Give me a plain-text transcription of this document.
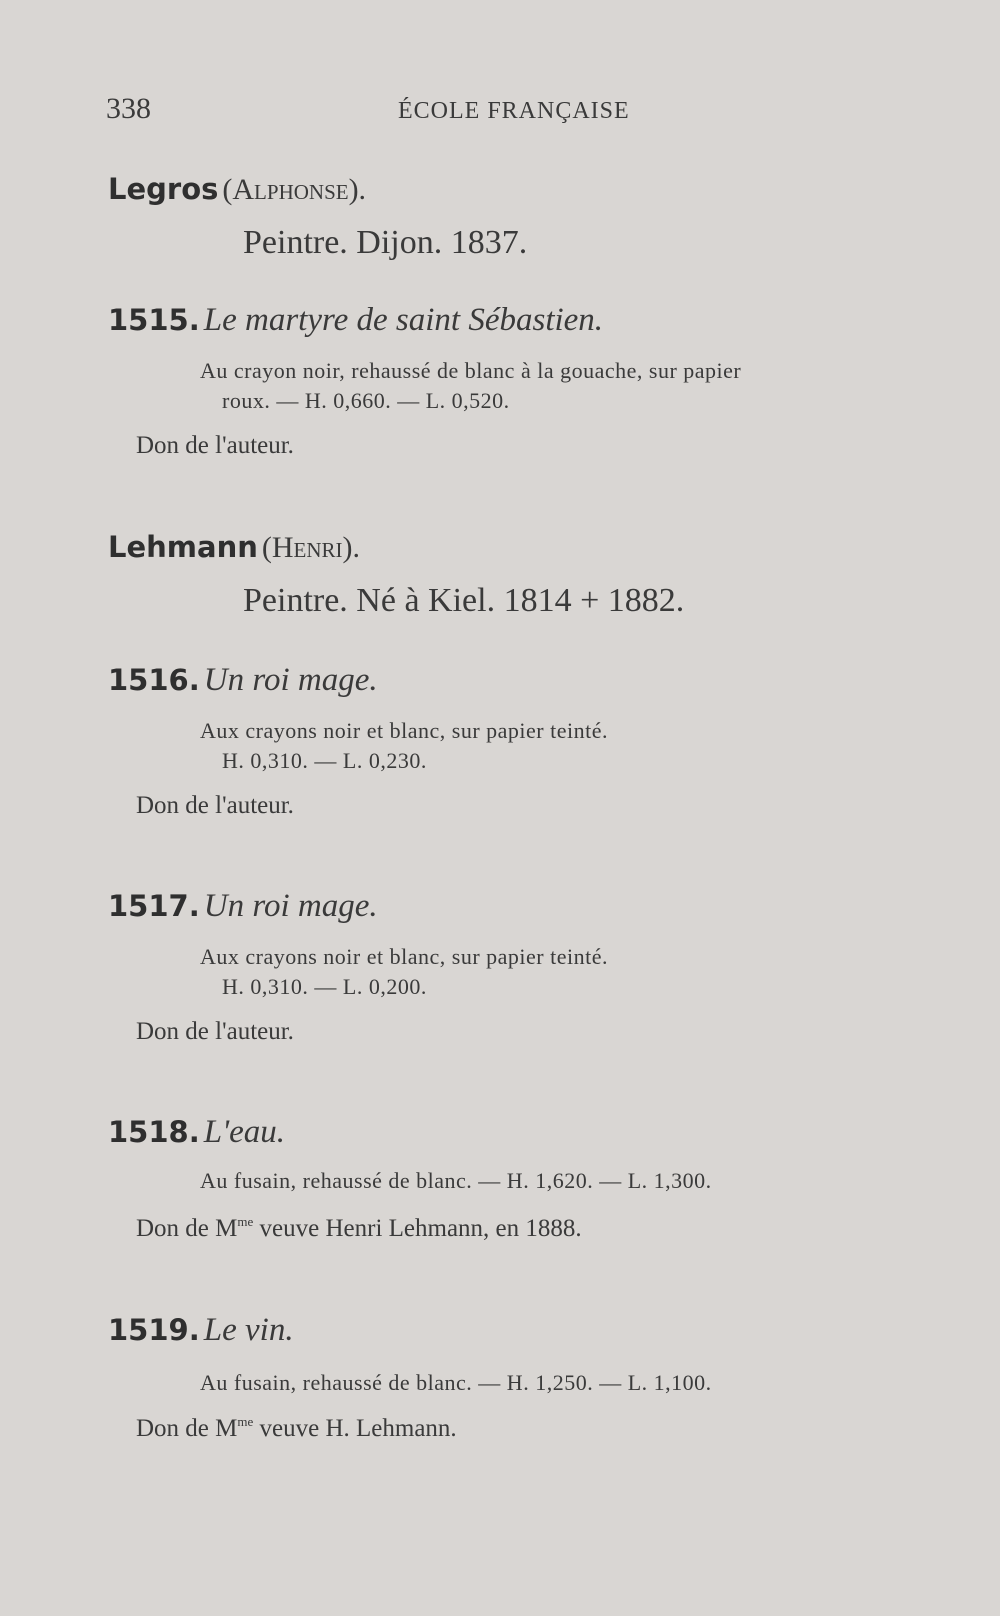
338	ÉCOLE FRANÇAISE
Legros (Alphonse).
Peintre. Dijon. 1837.
1515. Le martyre de saint Sébastien.
Au crayon noir, rehaussé de blanc à la gouache, sur papier
roux. — H. 0,660. — L. 0,520.
Don de l'auteur.
Lehmann (Henri).
Peintre. Né à Kiel. 1814 + 1882.
1516. Un roi mage.
Aux crayons noir et blanc, sur papier teinté.
H. 0,310. — L. 0,230.
Don de l'auteur.
1517. Un roi mage.
Aux crayons noir et blanc, sur papier teinté.
H. 0,310. — L. 0,200.
Don de l'auteur.
1518. L'eau.
Au fusain, rehaussé de blanc. — H. 1,620. — L. 1,300.
Don de $M^{me}$ veuve Henri Lehmann, en 1888.
1519. Le vin.
Au fusain, rehaussé de blanc. — H. 1,250. — L. 1,100.
Don de $M^{me}$ veuve H. Lehmann.
